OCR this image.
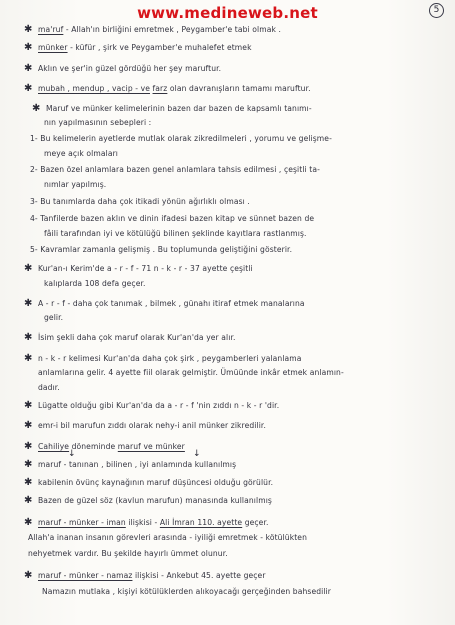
www.medineweb.net	5
✱ ma'ruf
- Allah'ın birliğini emretmek , Peygamber'e tabi olmak .
✱ münker
- küfür , şirk ve Peygamber'e muhalefet etmek
✱ Aklın ve şer'in güzel gördüğü her şey maruftur.
✱ mubah , mendup , vacip - ve
farz
olan davranışların tamamı maruftur.
✱ Maruf ve münker kelimelerinin bazen dar bazen de kapsamlı tanımı-
nın yapılmasının sebepleri :
1- Bu kelimelerin ayetlerde mutlak olarak zikredilmeleri , yorumu ve gelişme-
meye açık olmaları
2- Bazen özel anlamlara bazen genel anlamlara tahsis edilmesi , çeşitli ta-
nımlar yapılmış.
3- Bu tanımlarda daha çok itikadi yönün ağırlıklı olması .
4- Tanfilerde bazen aklın ve dinin ifadesi bazen kitap ve sünnet bazen de
fâili tarafından iyi ve kötülüğü bilinen şeklinde kayıtlara rastlanmış.
5- Kavramlar zamanla gelişmiş . Bu toplumunda geliştiğini gösterir.
✱ Kur'an-ı Kerim'de a - r - f - 71 n - k - r - 37 ayette çeşitli
kalıplarda 108 defa geçer.
✱ A - r - f - daha çok tanımak , bilmek , günahı itiraf etmek manalarına
gelir.
✱ İsim şekli daha çok maruf olarak Kur'an'da yer alır.
✱ n - k - r kelimesi Kur'an'da daha çok şirk , peygamberleri yalanlama
anlamlarına gelir. 4 ayette fiil olarak gelmiştir. Ümüünde inkâr etmek anlamın-
dadır.
✱ Lügatte olduğu gibi Kur'an'da da a - r - f 'nin zıddı n - k - r 'dir.
✱ emr-i bil marufun zıddı olarak nehy-i anil münker zikredilir.
✱ Cahiliye
döneminde
maruf ve münker
↓	↓
✱ maruf - tanınan , bilinen , iyi anlamında kullanılmış
✱ kabilenin övünç kaynağının maruf düşüncesi olduğu görülür.
✱ Bazen de güzel söz (kavlun marufun) manasında kullanılmış
✱ maruf - münker - iman
ilişkisi -
Ali İmran 110. ayette
geçer.
Allah'a inanan insanın görevleri arasında - iyiliği emretmek - kötülükten
nehyetmek vardır. Bu şekilde hayırlı ümmet olunur.
✱ maruf - münker - namaz
ilişkisi - Ankebut 45. ayette geçer
Namazın mutlaka , kişiyi kötülüklerden alıkoyacağı gerçeğinden bahsedilir
